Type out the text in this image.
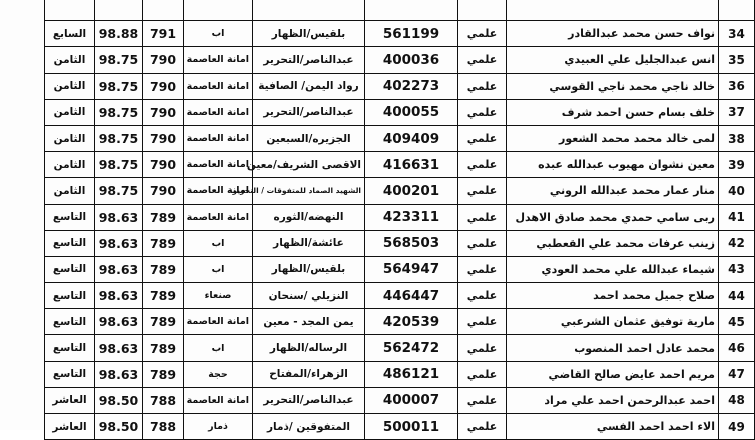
34	نواف حسن محمد عبدالقادر	علمي	561199	بلقيس/الظهار	اب	791	98.88	السابع
35	انس عبدالجليل علي العبيدي	علمي	400036	عبدالناصر/التحرير	امانة العاصمة	790	98.75	الثامن
36	خالد ناجي محمد ناجي القوسي	علمي	402273	رواد اليمن/ الصافية	امانة العاصمة	790	98.75	الثامن
37	خلف بسام حسن احمد شرف	علمي	400055	عبدالناصر/التحرير	امانة العاصمة	790	98.75	الثامن
38	لمى خالد محمد محمد الشعور	علمي	409409	الجزيره/السبعين	امانة العاصمة	790	98.75	الثامن
39	معين نشوان مهيوب عبدالله عبده	علمي	416631	الاقصى الشريف/معين	امانة العاصمة	790	98.75	الثامن
40	منار عمار محمد عبدالله الروني	علمي	400201	الشهيد الصماد للمتفوقات / التحرير	امانة العاصمة	790	98.75	الثامن
41	ربى سامي حمدي محمد صادق الاهدل	علمي	423311	النهضه/الثوره	امانة العاصمة	789	98.63	التاسع
42	زينب عرفات محمد علي القعطبي	علمي	568503	عائشة/الظهار	اب	789	98.63	التاسع
43	شيماء عبدالله علي محمد العودي	علمي	564947	بلقيس/الظهار	اب	789	98.63	التاسع
44	صلاح جميل محمد احمد	علمي	446447	النزيلي /سنحان	صنعاء	789	98.63	التاسع
45	مارية توفيق عثمان الشرعبي	علمي	420539	يمن المجد - معين	امانة العاصمة	789	98.63	التاسع
46	محمد عادل احمد المنصوب	علمي	562472	الرساله/الظهار	اب	789	98.63	التاسع
47	مريم احمد عايض صالح القاضي	علمي	486121	الزهراء/المفتاح	حجة	789	98.63	التاسع
48	احمد عبدالرحمن احمد علي مراد	علمي	400007	عبدالناصر/التحرير	امانة العاصمة	788	98.50	العاشر
49	الاء احمد احمد الفسي	علمي	500011	المتفوقين /ذمار	ذمار	788	98.50	العاشر
